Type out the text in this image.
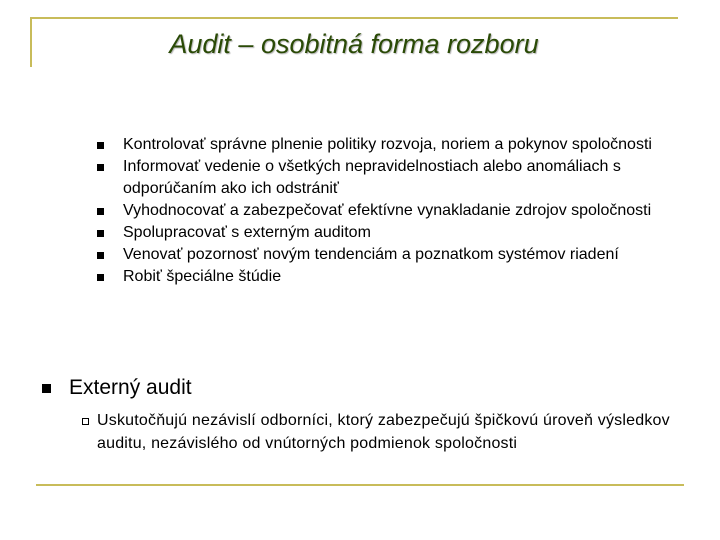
Audit – osobitná forma rozboru
Kontrolovať správne plnenie politiky rozvoja, noriem a pokynov spoločnosti
Informovať vedenie o všetkých nepravidelnostiach alebo anomáliach s odporúčaním ako ich odstrániť
Vyhodnocovať a zabezpečovať efektívne vynakladanie zdrojov spoločnosti
Spolupracovať s externým auditom
Venovať pozornosť novým tendenciám a poznatkom systémov riadení
Robiť špeciálne štúdie
Externý audit
Uskutočňujú nezávislí odborníci, ktorý zabezpečujú špičkovú úroveň výsledkov auditu, nezávislého od vnútorných podmienok spoločnosti
